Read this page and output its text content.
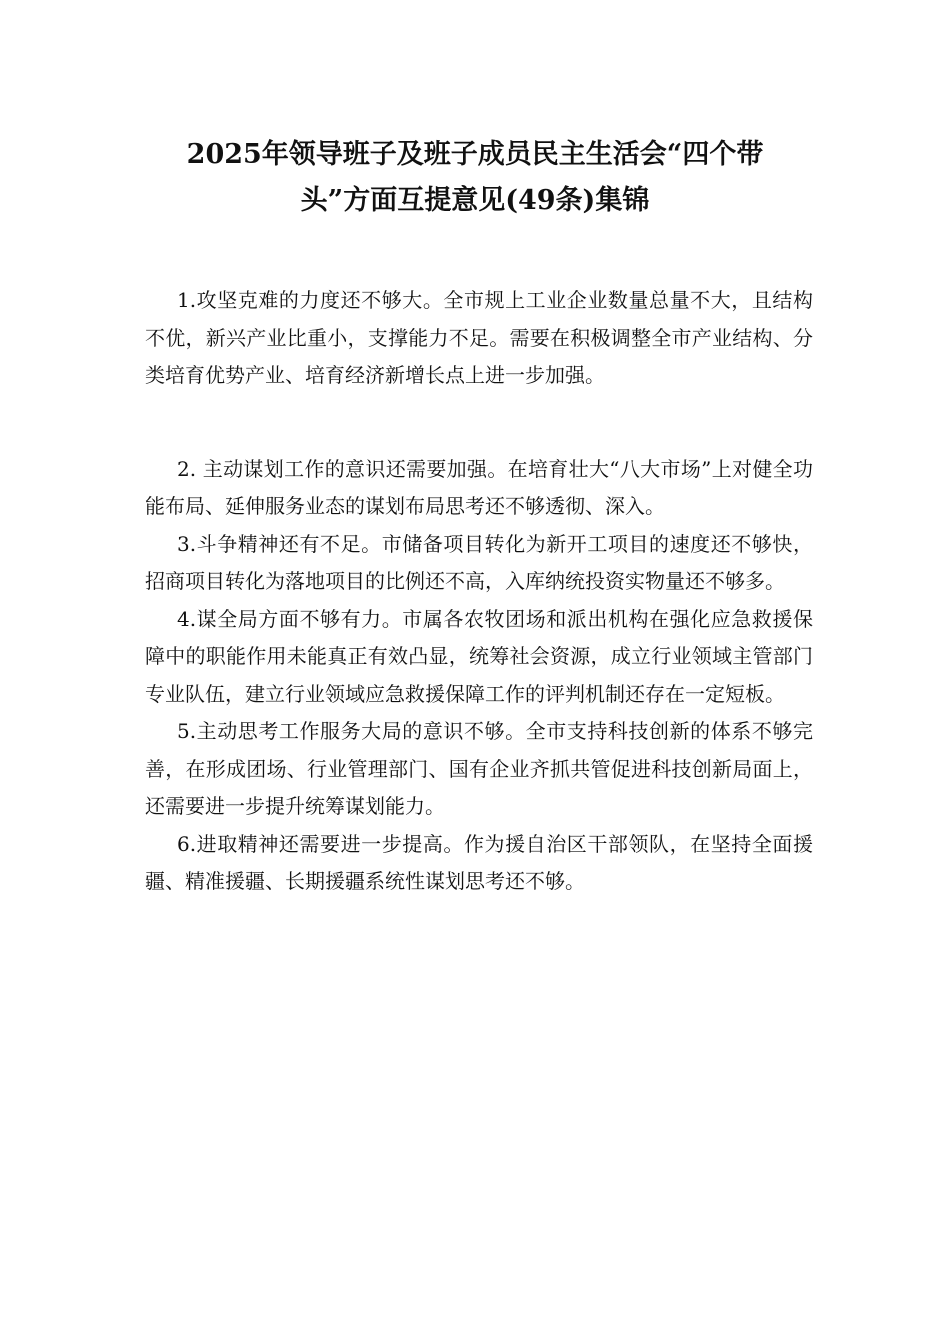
2025年领导班子及班子成员民主生活会“四个带
头”方面互提意见(49条)集锦

1.攻坚克难的力度还不够大。全市规上工业企业数量总量不大，且结构不优，新兴产业比重小，支撑能力不足。需要在积极调整全市产业结构、分类培育优势产业、培育经济新增长点上进一步加强。

2. 主动谋划工作的意识还需要加强。在培育壮大“八大市场”上对健全功能布局、延伸服务业态的谋划布局思考还不够透彻、深入。

3.斗争精神还有不足。市储备项目转化为新开工项目的速度还不够快，招商项目转化为落地项目的比例还不高，入库纳统投资实物量还不够多。

4.谋全局方面不够有力。市属各农牧团场和派出机构在强化应急救援保障中的职能作用未能真正有效凸显，统筹社会资源，成立行业领域主管部门专业队伍，建立行业领域应急救援保障工作的评判机制还存在一定短板。

5.主动思考工作服务大局的意识不够。全市支持科技创新的体系不够完善，在形成团场、行业管理部门、国有企业齐抓共管促进科技创新局面上，还需要进一步提升统筹谋划能力。

6.进取精神还需要进一步提高。作为援自治区干部领队，在坚持全面援疆、精准援疆、长期援疆系统性谋划思考还不够。
